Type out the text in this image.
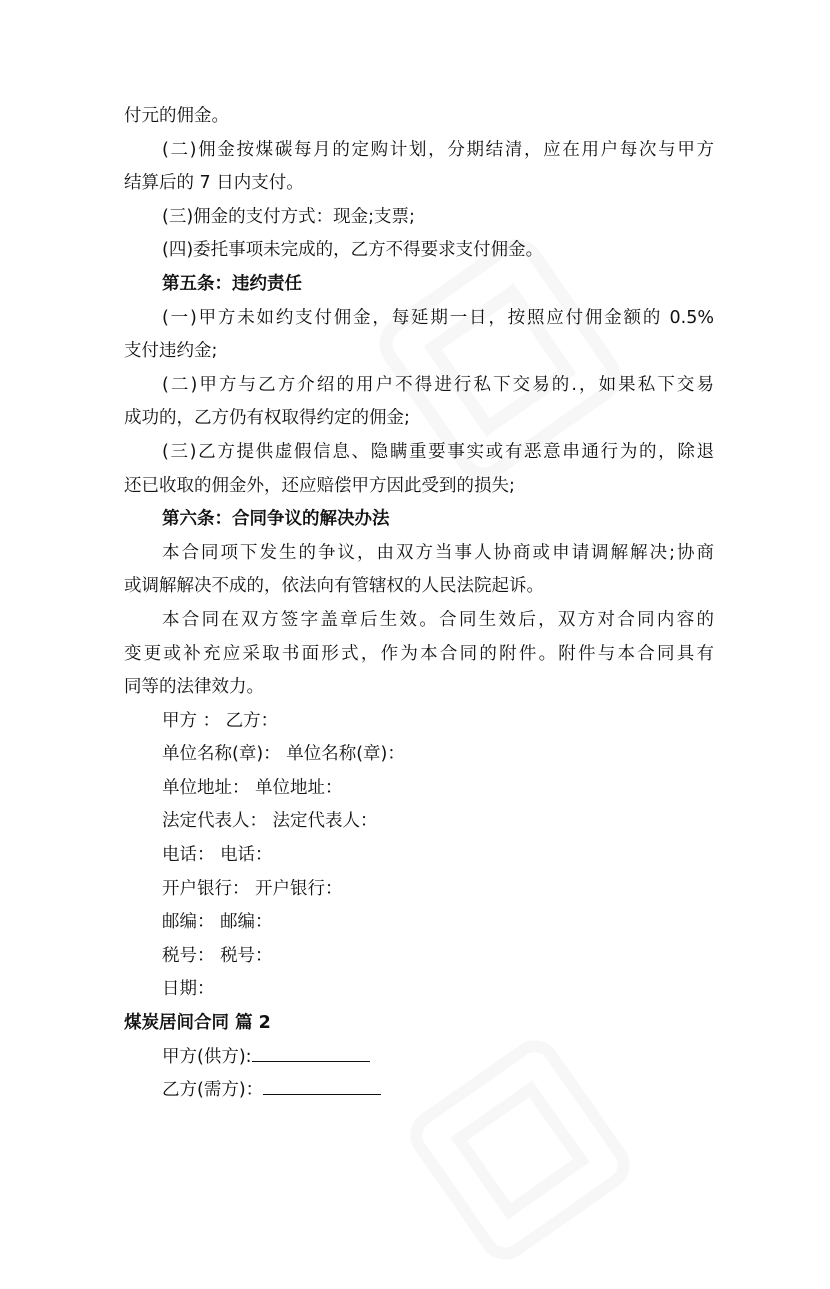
付元的佣金。
(二)佣金按煤碳每月的定购计划，分期结清，应在用户每次与甲方
结算后的 7 日内支付。
(三)佣金的支付方式：现金;支票;
(四)委托事项未完成的，乙方不得要求支付佣金。
第五条：违约责任
(一)甲方未如约支付佣金，每延期一日，按照应付佣金额的 0.5%
支付违约金;
(二)甲方与乙方介绍的用户不得进行私下交易的.，如果私下交易
成功的，乙方仍有权取得约定的佣金;
(三)乙方提供虚假信息、隐瞒重要事实或有恶意串通行为的，除退
还已收取的佣金外，还应赔偿甲方因此受到的损失;
第六条：合同争议的解决办法
本合同项下发生的争议，由双方当事人协商或申请调解解决;协商
或调解解决不成的，依法向有管辖权的人民法院起诉。
本合同在双方签字盖章后生效。合同生效后，双方对合同内容的
变更或补充应采取书面形式，作为本合同的附件。附件与本合同具有
同等的法律效力。
甲方 ： 乙方：
单位名称(章)： 单位名称(章)：
单位地址： 单位地址：
法定代表人： 法定代表人：
电话： 电话：
开户银行： 开户银行：
邮编： 邮编：
税号： 税号：
日期：
煤炭居间合同 篇 2
甲方(供方):
乙方(需方)：
